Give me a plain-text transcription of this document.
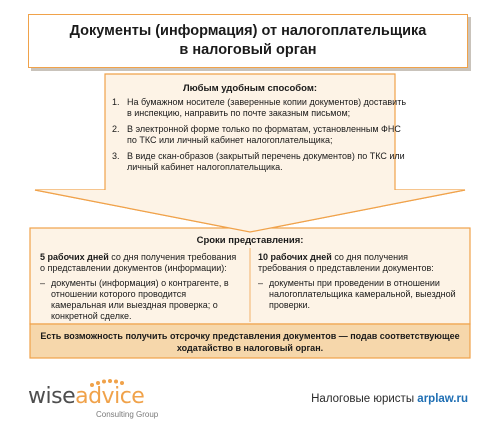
Документы (информация) от налогоплательщика
в налоговый орган
Любым удобным способом:
1. На бумажном носителе (заверенные копии документов) доставить в инспекцию, направить по почте заказным письмом;
2. В электронной форме только по форматам, установленным ФНС по ТКС или личный кабинет налогоплательщика;
3. В виде скан-образов (закрытый перечень документов) по ТКС или личный кабинет налогоплательщика.
Сроки представления:

5 рабочих дней со дня получения требования о представлении документов (информации):

– документы (информация) о контрагенте, в отношении которого проводится камеральная или выездная проверка; о конкретной сделке.

10 рабочих дней со дня получения требования о представлении документов:

– документы при проведении в отношении налогоплательщика камеральной, выездной проверки.
Есть возможность получить отсрочку представления документов — подав соответствующее ходатайство в налоговый орган.
wiseadvice
Consulting Group
Налоговые юристы arplaw.ru
